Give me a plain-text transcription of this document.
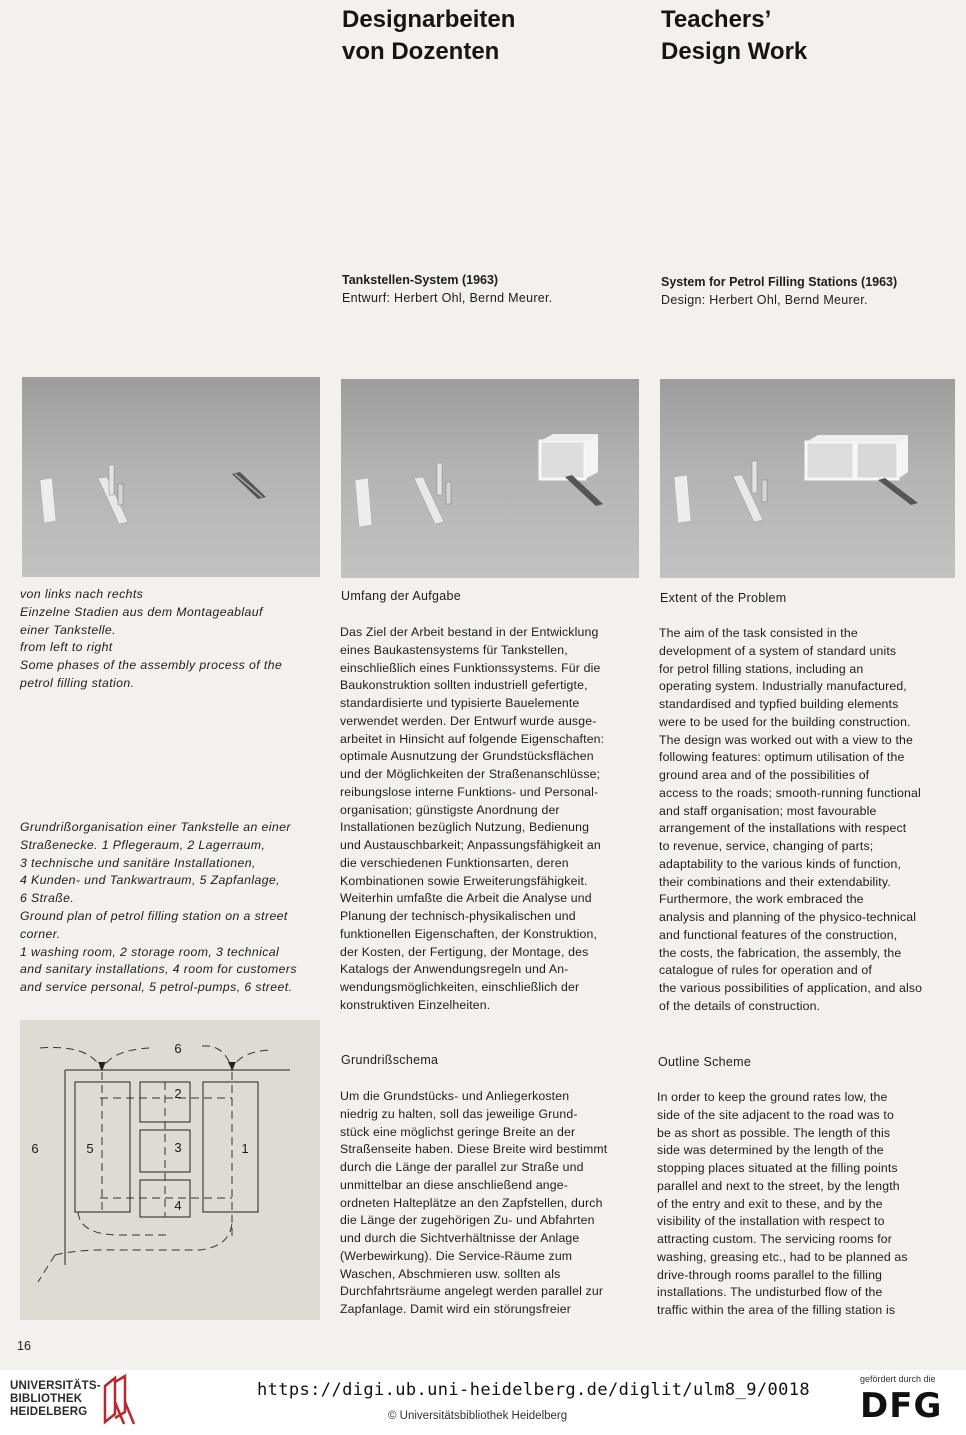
Designarbeiten
von Dozenten
Teachers’
Design Work
Tankstellen-System (1963)
Entwurf: Herbert Ohl, Bernd Meurer.
System for Petrol Filling Stations (1963)
Design: Herbert Ohl, Bernd Meurer.
von links nach rechts
Einzelne Stadien aus dem Montageablauf
einer Tankstelle.
from left to right
Some phases of the assembly process of the
petrol filling station.
Grundrißorganisation einer Tankstelle an einer
Straßenecke. 1 Pflegeraum, 2 Lagerraum,
3 technische und sanitäre Installationen,
4 Kunden- und Tankwartraum, 5 Zapfanlage,
6 Straße.
Ground plan of petrol filling station on a street
corner.
1 washing room, 2 storage room, 3 technical
and sanitary installations, 4 room for customers
and service personal, 5 petrol-pumps, 6 street.
Umfang der Aufgabe

Das Ziel der Arbeit bestand in der Entwicklung

eines Baukastensystems für Tankstellen,

einschließlich eines Funktionssystems. Für die

Baukonstruktion sollten industriell gefertigte,

standardisierte und typisierte Bauelemente

verwendet werden. Der Entwurf wurde ausge-

arbeitet in Hinsicht auf folgende Eigenschaften:

optimale Ausnutzung der Grundstücksflächen

und der Möglichkeiten der Straßenanschlüsse;

reibungslose interne Funktions- und Personal-

organisation; günstigste Anordnung der

Installationen bezüglich Nutzung, Bedienung

und Austauschbarkeit; Anpassungsfähigkeit an

die verschiedenen Funktionsarten, deren

Kombinationen sowie Erweiterungsfähigkeit.

Weiterhin umfaßte die Arbeit die Analyse und

Planung der technisch-physikalischen und

funktionellen Eigenschaften, der Konstruktion,

der Kosten, der Fertigung, der Montage, des

Katalogs der Anwendungsregeln und An-

wendungsmöglichkeiten, einschließlich der

konstruktiven Einzelheiten.

Grundrißschema

Um die Grundstücks- und Anliegerkosten

niedrig zu halten, soll das jeweilige Grund-

stück eine möglichst geringe Breite an der

Straßenseite haben. Diese Breite wird bestimmt

durch die Länge der parallel zur Straße und

unmittelbar an diese anschließend ange-

ordneten Halteplätze an den Zapfstellen, durch

die Länge der zugehörigen Zu- und Abfahrten

und durch die Sichtverhältnisse der Anlage

(Werbewirkung). Die Service-Räume zum

Waschen, Abschmieren usw. sollten als

Durchfahrtsräume angelegt werden parallel zur

Zapfanlage. Damit wird ein störungsfreier

Extent of the Problem

The aim of the task consisted in the

development of a system of standard units

for petrol filling stations, including an

operating system. Industrially manufactured,

standardised and typfied building elements

were to be used for the building construction.

The design was worked out with a view to the

following features: optimum utilisation of the

ground area and of the possibilities of

access to the roads; smooth-running functional

and staff organisation; most favourable

arrangement of the installations with respect

to revenue, service, changing of parts;

adaptability to the various kinds of function,

their combinations and their extendability.

Furthermore, the work embraced the

analysis and planning of the physico-technical

and functional features of the construction,

the costs, the fabrication, the assembly, the

catalogue of rules for operation and of

the various possibilities of application, and also

of the details of construction.

Outline Scheme

In order to keep the ground rates low, the

side of the site adjacent to the road was to

be as short as possible. The length of this

side was determined by the length of the

stopping places situated at the filling points

parallel and next to the street, by the length

of the entry and exit to these, and by the

visibility of the installation with respect to

attracting custom. The servicing rooms for

washing, greasing etc., had to be planned as

drive-through rooms parallel to the filling

installations. The undisturbed flow of the

traffic within the area of the filling station is

6
6	5
2
3
4
1
16
UNIVERSITÄTS-
BIBLIOTHEK
HEIDELBERG
https://digi.ub.uni-heidelberg.de/diglit/ulm8_9/0018
© Universitätsbibliothek Heidelberg
gefördert durch die
DFG
